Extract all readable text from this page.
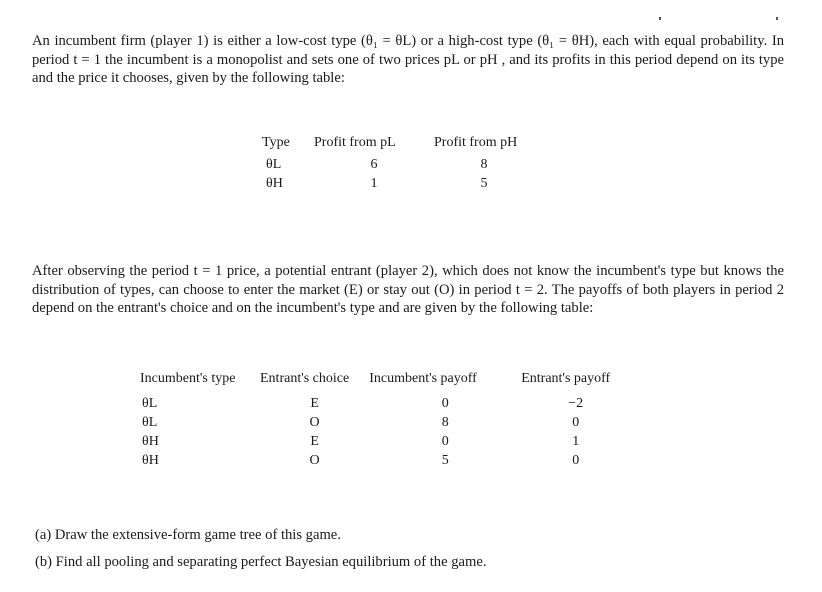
An incumbent firm (player 1) is either a low-cost type (θ₁ = θL) or a high-cost type (θ₁ = θH), each with equal probability. In period t = 1 the incumbent is a monopolist and sets one of two prices pL or pH , and its profits in this period depend on its type and the price it chooses, given by the following table:

Type	Profit from pL	Profit from pH
θL	6	8
θH	1	5

After observing the period t = 1 price, a potential entrant (player 2), which does not know the incumbent's type but knows the distribution of types, can choose to enter the market (E) or stay out (O) in period t = 2. The payoffs of both players in period 2 depend on the entrant's choice and on the incumbent's type and are given by the following table:

Incumbent's type	Entrant's choice	Incumbent's payoff	Entrant's payoff
θL	E	0	−2
θL	O	8	0
θH	E	0	1
θH	O	5	0
(a) Draw the extensive-form game tree of this game.
(b) Find all pooling and separating perfect Bayesian equilibrium of the game.
